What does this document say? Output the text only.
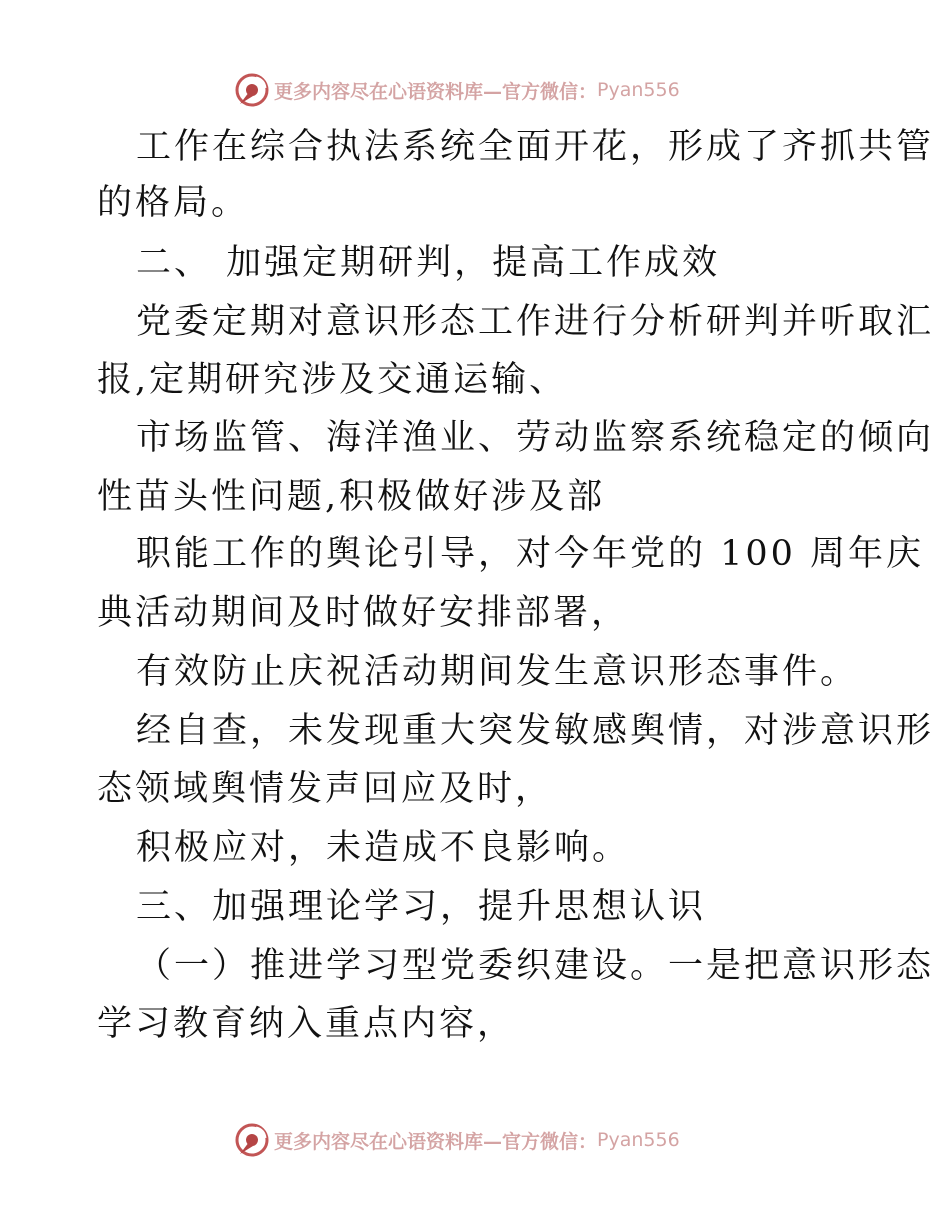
更多内容尽在心语资料库—官方微信： Pyan556
工作在综合执法系统全面开花，形成了齐抓共管
的格局。
二、 加强定期研判，提高工作成效
党委定期对意识形态工作进行分析研判并听取汇
报,定期研究涉及交通运输、
市场监管、海洋渔业、劳动监察系统稳定的倾向
性苗头性问题,积极做好涉及部
职能工作的舆论引导，对今年党的 100 周年庆
典活动期间及时做好安排部署，
有效防止庆祝活动期间发生意识形态事件。
经自查，未发现重大突发敏感舆情，对涉意识形
态领域舆情发声回应及时，
积极应对，未造成不良影响。
三、加强理论学习，提升思想认识
（一）推进学习型党委织建设。一是把意识形态
学习教育纳入重点内容，
更多内容尽在心语资料库—官方微信： Pyan556
